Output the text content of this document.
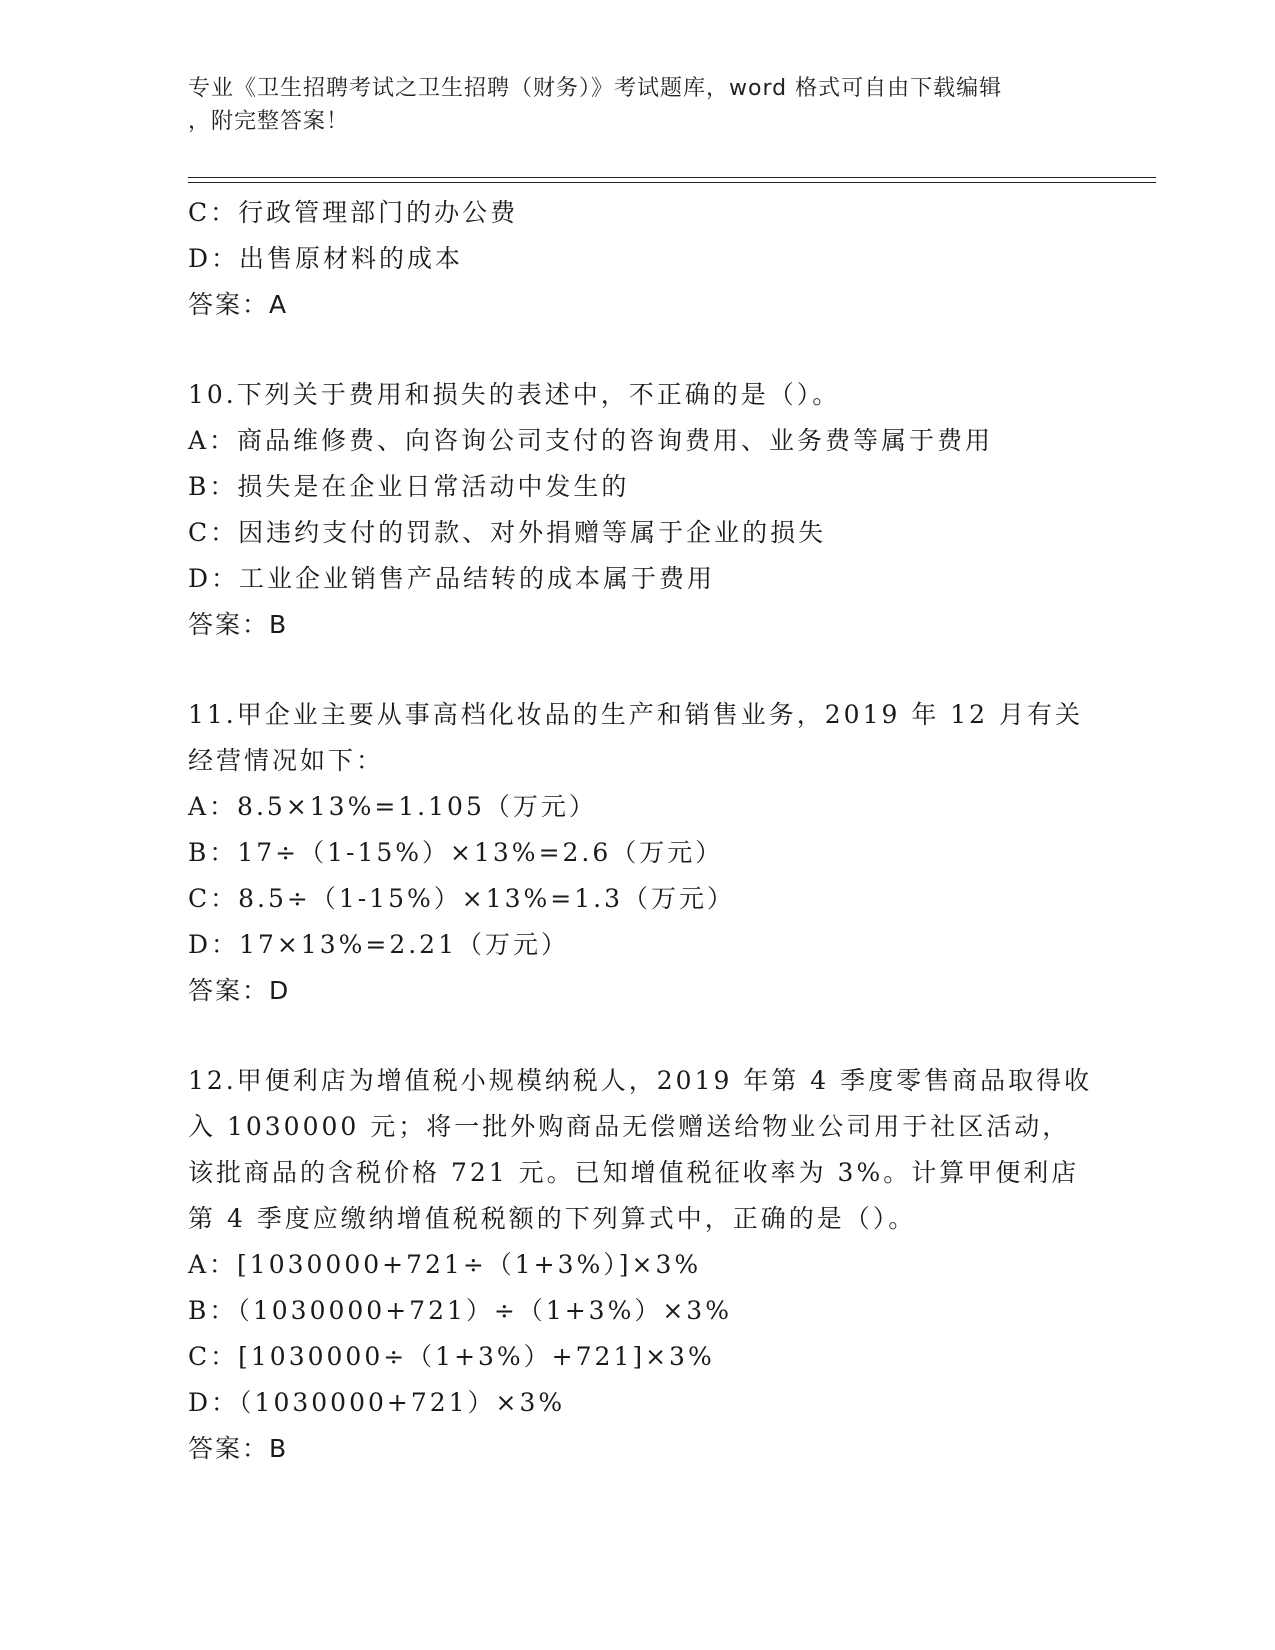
专业《卫生招聘考试之卫生招聘（财务）》考试题库，word 格式可自由下载编辑
，附完整答案！
C：行政管理部门的办公费
D：出售原材料的成本
答案：A
10.下列关于费用和损失的表述中，不正确的是（）。
A：商品维修费、向咨询公司支付的咨询费用、业务费等属于费用
B：损失是在企业日常活动中发生的
C：因违约支付的罚款、对外捐赠等属于企业的损失
D：工业企业销售产品结转的成本属于费用
答案：B
11.甲企业主要从事高档化妆品的生产和销售业务，2019 年 12 月有关
经营情况如下：
A：8.5×13%=1.105（万元）
B：17÷（1-15%）×13%=2.6（万元）
C：8.5÷（1-15%）×13%=1.3（万元）
D：17×13%=2.21（万元）
答案：D
12.甲便利店为增值税小规模纳税人，2019 年第 4 季度零售商品取得收
入 1030000 元；将一批外购商品无偿赠送给物业公司用于社区活动，
该批商品的含税价格 721 元。已知增值税征收率为 3%。计算甲便利店
第 4 季度应缴纳增值税税额的下列算式中，正确的是（）。
A：[1030000+721÷（1+3%）]×3%
B：（1030000+721）÷（1+3%）×3%
C：[1030000÷（1+3%）+721]×3%
D：（1030000+721）×3%
答案：B
